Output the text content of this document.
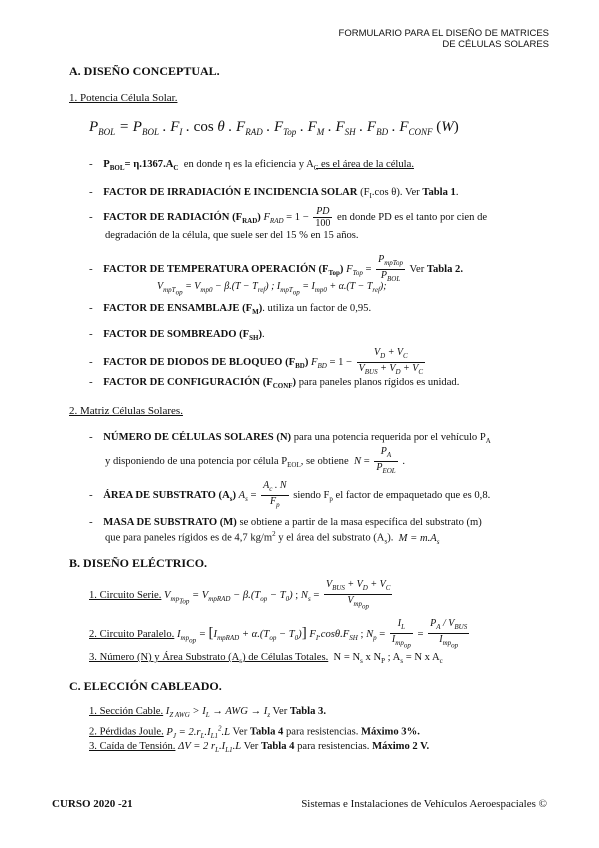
FORMULARIO PARA EL DISEÑO DE MATRICES
DE CÉLULAS SOLARES
A. DISEÑO CONCEPTUAL.
1. Potencia Célula Solar.
$P_{BOL} = P_{BOL}$ . $F_I$ . cos θ . $F_{RAD}$ . $F_{Top}$ . $F_M$ . $F_{SH}$ . $F_{BD}$ . $F_{CONF}$ (W)
- $P_{BOL}= \eta.1367.A_C$ en donde η es la eficiencia y $A_C$ es el área de la célula.
- FACTOR DE IRRADIACIÓN E INCIDENCIA SOLAR ($F_I.\cos$ θ). Ver Tabla 1.
- FACTOR DE RADIACIÓN $(F_{RAD}) F_{RAD} = 1 - \frac{PD}{100}$ en donde PD es el tanto por cien de
degradación de la célula, que suele ser del 15 % en 15 años.
- FACTOR DE TEMPERATURA OPERACIÓN $(F_{Top}) F_{Top} = \frac{P_{mpTop}}{P_{BOL}}$ Ver Tabla 2.
$V_{mpT_{op}} = V_{mp0} - \beta.(T - T_{ref})$ ; $I_{mpT_{op}} = I_{mp0} + \alpha.(T - T_{ref})$;
- FACTOR DE ENSAMBLAJE $(F_M)$. utiliza un factor de 0,95.
- FACTOR DE SOMBREADO $(F_{SH})$.
- FACTOR DE DIODOS DE BLOQUEO $(F_{BD}) F_{BD} = 1 - \frac{V_D + V_C}{V_{BUS} + V_D + V_C}$
- FACTOR DE CONFIGURACIÓN $(F_{CONF})$ para paneles planos rígidos es unidad.
2. Matriz Células Solares.
- NÚMERO DE CÉLULAS SOLARES (N) para una potencia requerida por el vehículo $P_A$
y disponiendo de una potencia por célula $P_{EOL}$, se obtiene $N = \frac{P_A}{P_{EOL}}$ .
- ÁREA DE SUBSTRATO $(A_s) A_s = \frac{A_c . N}{F_p}$ siendo $F_p$ el factor de empaquetado que es 0,8.
- MASA DE SUBSTRATO (M) se obtiene a partir de la masa específica del substrato (m)
que para paneles rígidos es de 4,7 $kg/m^2$ y el área del substrato $(A_s)$. $M = m.A_s$
B. DISEÑO ELÉCTRICO.
1. Circuito Serie. $V_{mp_{Top}} = V_{mpRAD} - \beta.(T_{op} - T_0)$ ; $N_s = \frac{V_{BUS} + V_D + V_C}{V_{mp_{op}}}$
2. Circuito Paralelo. $I_{mp_{op}} = [I_{mpRAD} + \alpha.(T_{op} - T_0)]$ $F_I.\cos\theta.F_{SH}$ ; $N_p = \frac{I_L}{I_{mp_{op}}} = \frac{P_A / V_{BUS}}{I_{mp_{op}}}$
3. Número (N) y Área Substrato $(A_s)$ de Células Totales. $N = N_s$ x $N_P$ ; $A_s = N$ x $A_c$
C. ELECCIÓN CABLEADO.
1. Sección Cable. $I_{Z AWG} > I_L$ → AWG → $I_z$ Ver Tabla 3.
2. Pérdidas Joule. $P_J = 2.r_L.I_{L1}^2.L$ Ver Tabla 4 para resistencias. Máximo 3%.
3. Caída de Tensión. ΔV = 2 $r_L.I_{L1}.L$ Ver Tabla 4 para resistencias. Máximo 2 V.
CURSO 2020 -21	Sistemas e Instalaciones de Vehículos Aeroespaciales ©
